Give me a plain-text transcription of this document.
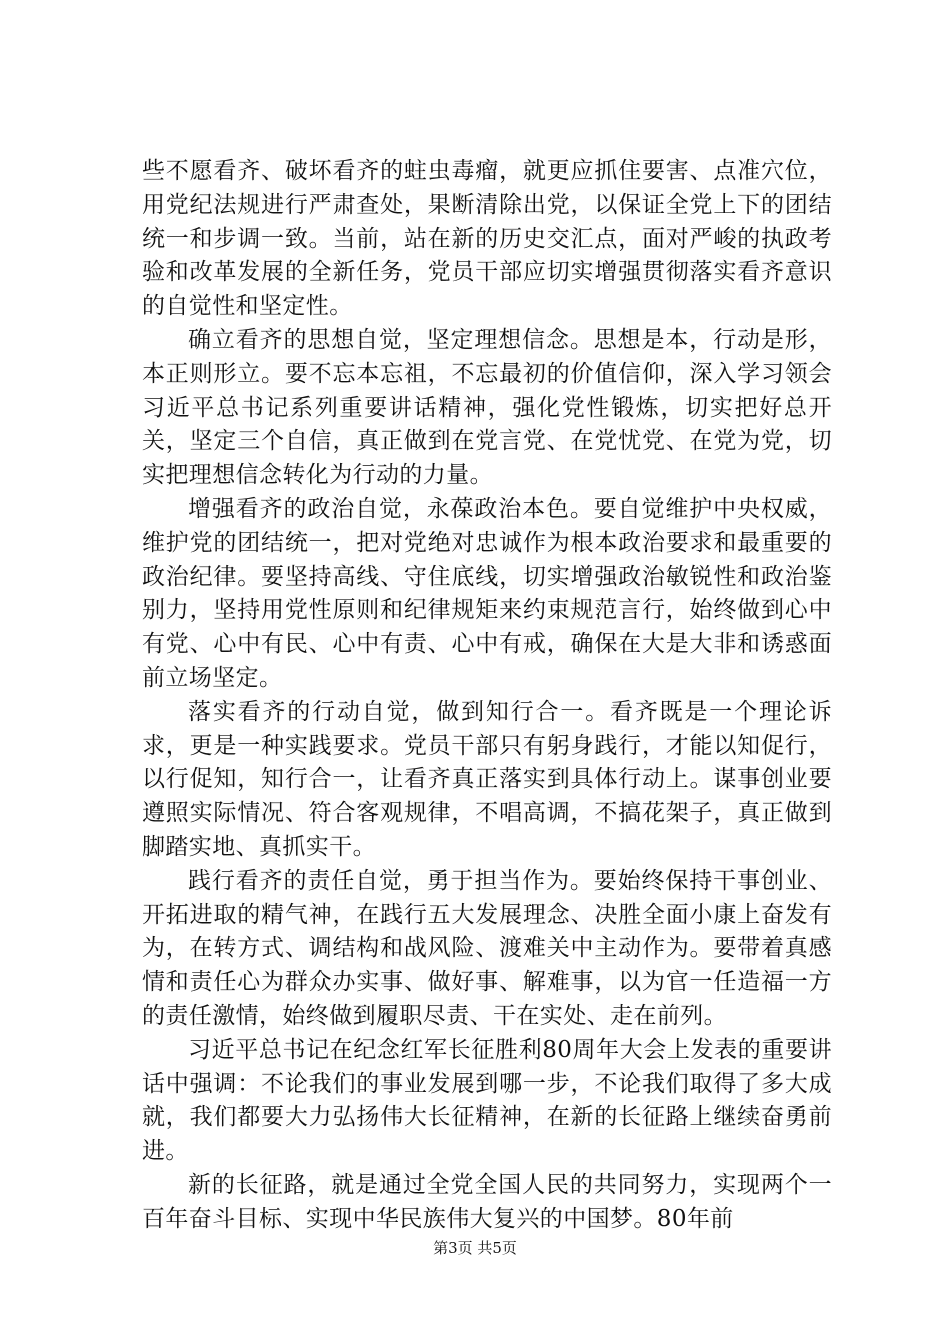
些不愿看齐、破坏看齐的蛀虫毒瘤，就更应抓住要害、点准穴位，用党纪法规进行严肃查处，果断清除出党，以保证全党上下的团结统一和步调一致。当前，站在新的历史交汇点，面对严峻的执政考验和改革发展的全新任务，党员干部应切实增强贯彻落实看齐意识的自觉性和坚定性。

确立看齐的思想自觉，坚定理想信念。思想是本，行动是形，本正则形立。要不忘本忘祖，不忘最初的价值信仰，深入学习领会习近平总书记系列重要讲话精神，强化党性锻炼，切实把好总开关，坚定三个自信，真正做到在党言党、在党忧党、在党为党，切实把理想信念转化为行动的力量。

增强看齐的政治自觉，永葆政治本色。要自觉维护中央权威，维护党的团结统一，把对党绝对忠诚作为根本政治要求和最重要的政治纪律。要坚持高线、守住底线，切实增强政治敏锐性和政治鉴别力，坚持用党性原则和纪律规矩来约束规范言行，始终做到心中有党、心中有民、心中有责、心中有戒，确保在大是大非和诱惑面前立场坚定。

落实看齐的行动自觉，做到知行合一。看齐既是一个理论诉求，更是一种实践要求。党员干部只有躬身践行，才能以知促行，以行促知，知行合一，让看齐真正落实到具体行动上。谋事创业要遵照实际情况、符合客观规律，不唱高调，不搞花架子，真正做到脚踏实地、真抓实干。

践行看齐的责任自觉，勇于担当作为。要始终保持干事创业、开拓进取的精气神，在践行五大发展理念、决胜全面小康上奋发有为，在转方式、调结构和战风险、渡难关中主动作为。要带着真感情和责任心为群众办实事、做好事、解难事，以为官一任造福一方的责任激情，始终做到履职尽责、干在实处、走在前列。

习近平总书记在纪念红军长征胜利80周年大会上发表的重要讲话中强调：不论我们的事业发展到哪一步，不论我们取得了多大成就，我们都要大力弘扬伟大长征精神，在新的长征路上继续奋勇前进。

新的长征路，就是通过全党全国人民的共同努力，实现两个一百年奋斗目标、实现中华民族伟大复兴的中国梦。80年前

第3页 共5页
